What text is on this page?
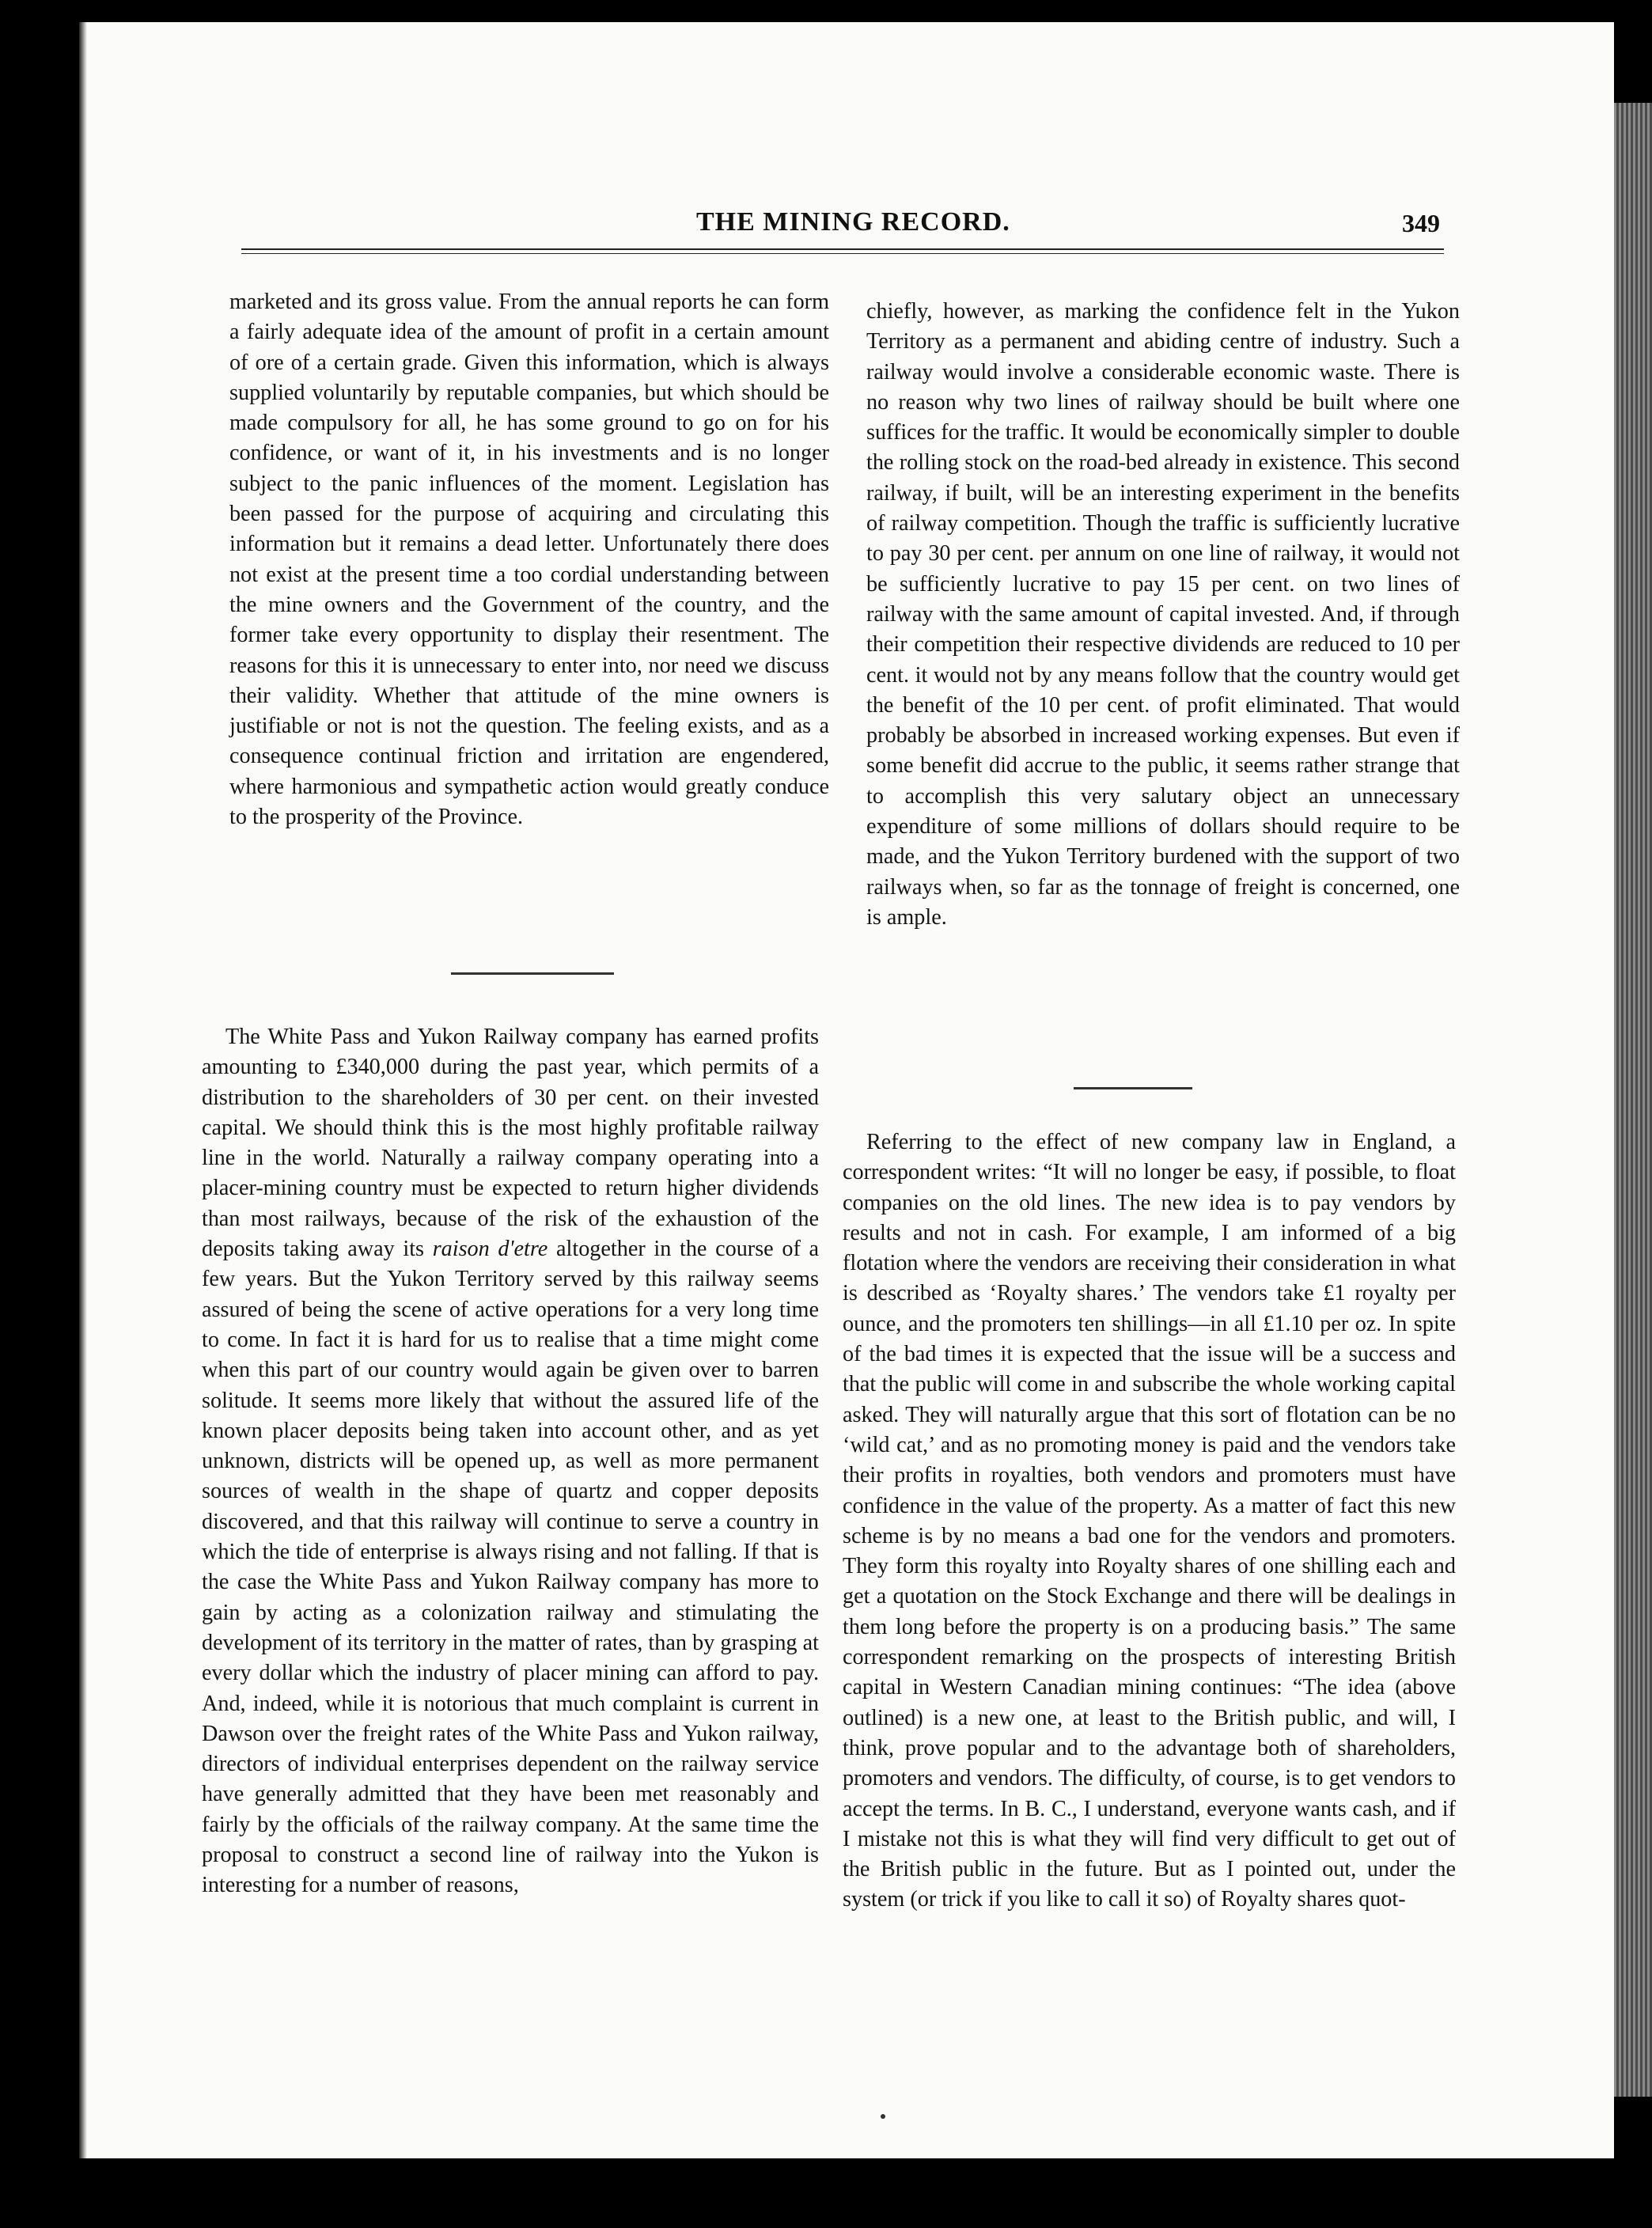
THE MINING RECORD.	349

marketed and its gross value. From the annual reports he can form a fairly adequate idea of the amount of profit in a certain amount of ore of a certain grade. Given this information, which is always supplied voluntarily by reputable companies, but which should be made compulsory for all, he has some ground to go on for his confidence, or want of it, in his investments and is no longer subject to the panic influences of the moment. Legislation has been passed for the purpose of acquiring and circulating this information but it remains a dead letter. Unfortunately there does not exist at the present time a too cordial understanding between the mine owners and the Government of the country, and the former take every opportunity to display their resentment. The reasons for this it is unnecessary to enter into, nor need we discuss their validity. Whether that attitude of the mine owners is justifiable or not is not the question. The feeling exists, and as a consequence continual friction and irritation are engendered, where harmonious and sympathetic action would greatly conduce to the prosperity of the Province.

The White Pass and Yukon Railway company has earned profits amounting to £340,000 during the past year, which permits of a distribution to the shareholders of 30 per cent. on their invested capital. We should think this is the most highly profitable railway line in the world. Naturally a railway company operating into a placer-mining country must be expected to return higher dividends than most railways, because of the risk of the exhaustion of the deposits taking away its raison d'etre altogether in the course of a few years. But the Yukon Territory served by this railway seems assured of being the scene of active operations for a very long time to come. In fact it is hard for us to realise that a time might come when this part of our country would again be given over to barren solitude. It seems more likely that without the assured life of the known placer deposits being taken into account other, and as yet unknown, districts will be opened up, as well as more permanent sources of wealth in the shape of quartz and copper deposits discovered, and that this railway will continue to serve a country in which the tide of enterprise is always rising and not falling. If that is the case the White Pass and Yukon Railway company has more to gain by acting as a colonization railway and stimulating the development of its territory in the matter of rates, than by grasping at every dollar which the industry of placer mining can afford to pay. And, indeed, while it is notorious that much complaint is current in Dawson over the freight rates of the White Pass and Yukon railway, directors of individual enterprises dependent on the railway service have generally admitted that they have been met reasonably and fairly by the officials of the railway company. At the same time the proposal to construct a second line of railway into the Yukon is interesting for a number of reasons,

chiefly, however, as marking the confidence felt in the Yukon Territory as a permanent and abiding centre of industry. Such a railway would involve a considerable economic waste. There is no reason why two lines of railway should be built where one suffices for the traffic. It would be economically simpler to double the rolling stock on the road-bed already in existence. This second railway, if built, will be an interesting experiment in the benefits of railway competition. Though the traffic is sufficiently lucrative to pay 30 per cent. per annum on one line of railway, it would not be sufficiently lucrative to pay 15 per cent. on two lines of railway with the same amount of capital invested. And, if through their competition their respective dividends are reduced to 10 per cent. it would not by any means follow that the country would get the benefit of the 10 per cent. of profit eliminated. That would probably be absorbed in increased working expenses. But even if some benefit did accrue to the public, it seems rather strange that to accomplish this very salutary object an unnecessary expenditure of some millions of dollars should require to be made, and the Yukon Territory burdened with the support of two railways when, so far as the tonnage of freight is concerned, one is ample.

Referring to the effect of new company law in England, a correspondent writes: “It will no longer be easy, if possible, to float companies on the old lines. The new idea is to pay vendors by results and not in cash. For example, I am informed of a big flotation where the vendors are receiving their consideration in what is described as ‘Royalty shares.’ The vendors take £1 royalty per ounce, and the promoters ten shillings—in all £1.10 per oz. In spite of the bad times it is expected that the issue will be a success and that the public will come in and subscribe the whole working capital asked. They will naturally argue that this sort of flotation can be no ‘wild cat,’ and as no promoting money is paid and the vendors take their profits in royalties, both vendors and promoters must have confidence in the value of the property. As a matter of fact this new scheme is by no means a bad one for the vendors and promoters. They form this royalty into Royalty shares of one shilling each and get a quotation on the Stock Exchange and there will be dealings in them long before the property is on a producing basis.” The same correspondent remarking on the prospects of interesting British capital in Western Canadian mining continues: “The idea (above outlined) is a new one, at least to the British public, and will, I think, prove popular and to the advantage both of shareholders, promoters and vendors. The difficulty, of course, is to get vendors to accept the terms. In B. C., I understand, everyone wants cash, and if I mistake not this is what they will find very difficult to get out of the British public in the future. But as I pointed out, under the system (or trick if you like to call it so) of Royalty shares quot-
